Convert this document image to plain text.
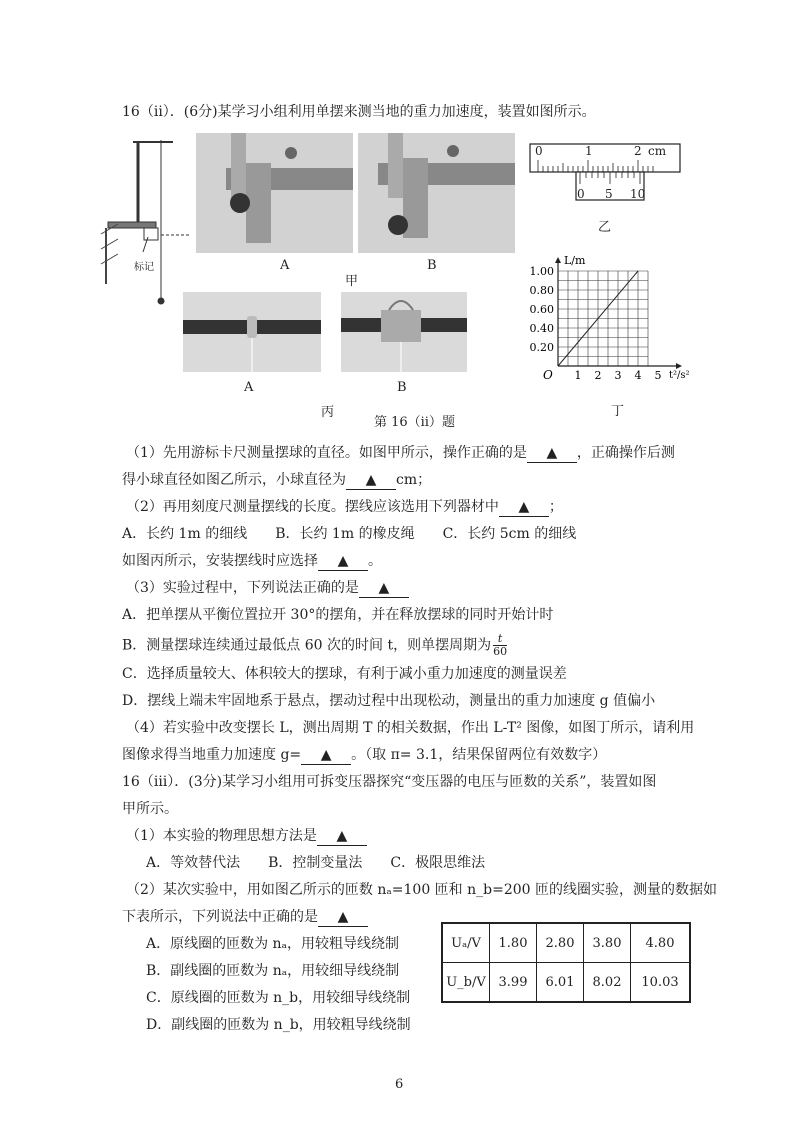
16（ⅱ）．(6分)某学习小组利用单摆来测当地的重力加速度，装置如图所示。
标记	A	B
甲
0	1	2 cm
0 5 10
乙
A	B
丙
第 16（ⅱ）题
0.20
0.40
0.60
0.80
1.00
1 2 3 4 5
L/m
t²/s²
O
丁
（1）先用游标卡尺测量摆球的直径。如图甲所示，操作正确的是 ▲ ，正确操作后测
得小球直径如图乙所示，小球直径为 ▲ cm；
（2）再用刻度尺测量摆线的长度。摆线应该选用下列器材中 ▲ ；
A．长约 1m 的细线　　B．长约 1m 的橡皮绳　　C．长约 5cm 的细线
如图丙所示，安装摆线时应选择 ▲ 。
（3）实验过程中，下列说法正确的是 ▲
A．把单摆从平衡位置拉开 30°的摆角，并在释放摆球的同时开始计时
B．测量摆球连续通过最低点 60 次的时间 t，则单摆周期为 $\frac{t}{60}$
C．选择质量较大、体积较大的摆球，有利于减小重力加速度的测量误差
D．摆线上端未牢固地系于悬点，摆动过程中出现松动，测量出的重力加速度 g 值偏小
（4）若实验中改变摆长 L，测出周期 T 的相关数据，作出 L-T² 图像，如图丁所示，请利用
图像求得当地重力加速度 g= ▲ 。（取 π= 3.1，结果保留两位有效数字）
16（ⅲ）．(3分)某学习小组用可拆变压器探究“变压器的电压与匝数的关系”，装置如图
甲所示。
（1）本实验的物理思想方法是 ▲
A．等效替代法　　B．控制变量法　　C．极限思维法
（2）某次实验中，用如图乙所示的匝数 nₐ=100 匝和 n_b=200 匝的线圈实验，测量的数据如
下表所示，下列说法中正确的是 ▲
A．原线圈的匝数为 nₐ，用较粗导线绕制
B．副线圈的匝数为 nₐ，用较细导线绕制
C．原线圈的匝数为 n_b，用较细导线绕制
D．副线圈的匝数为 n_b，用较粗导线绕制
Uₐ/V	1.80	2.80	3.80	4.80
U_b/V	3.99	6.01	8.02	10.03
6
